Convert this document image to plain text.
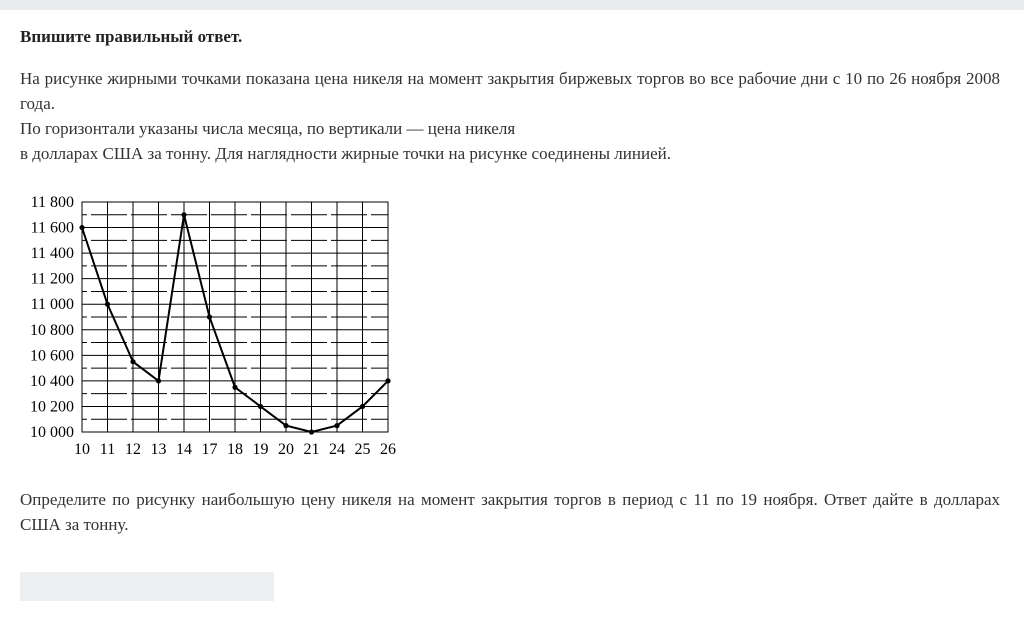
Впишите правильный ответ.
На рисунке жирными точками показана цена никеля на момент закрытия биржевых торгов во все рабочие дни с 10 по 26 ноября 2008 года.
По горизонтали указаны числа месяца, по вертикали — цена никеля
в долларах США за тонну. Для наглядности жирные точки на рисунке соединены линией.
10 000
10 200
10 400
10 600
10 800
11 000
11 200
11 400
11 600
11 800
10 11 12 13 14 17 18 19 20 21 24 25 26
Определите по рисунку наибольшую цену никеля на момент закрытия торгов в период с 11 по 19 ноября. Ответ дайте в долларах США за тонну.
